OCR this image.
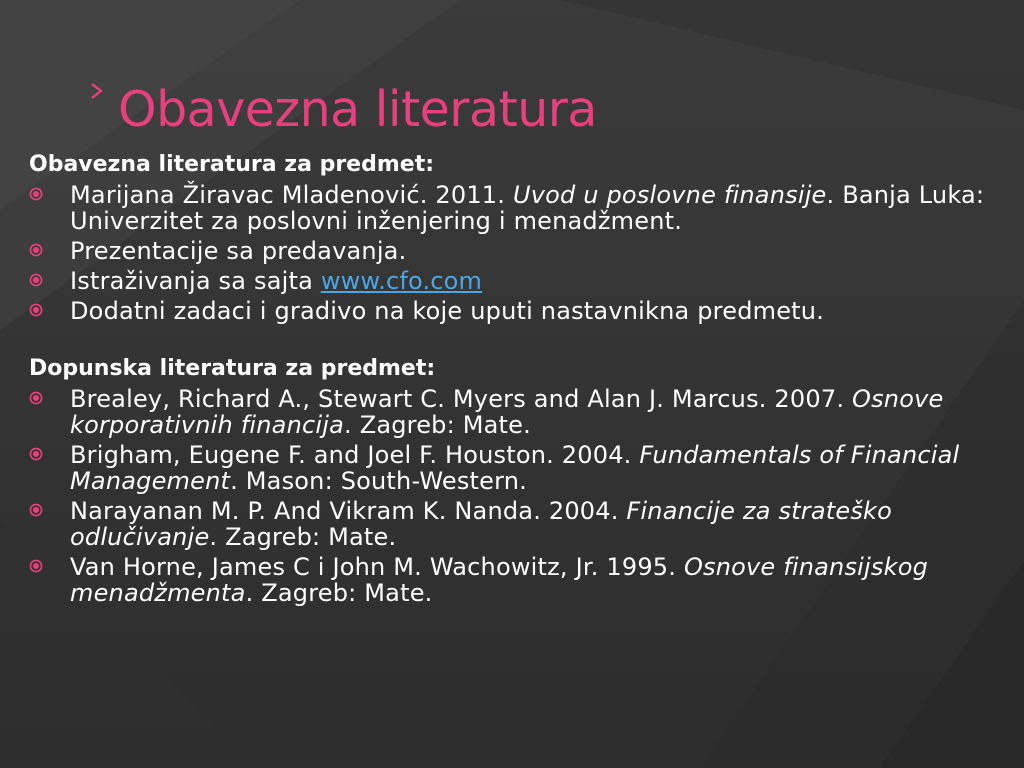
Obavezna literatura

Obavezna literatura za predmet:

Marijana Žiravac Mladenović. 2011. Uvod u poslovne finansije. Banja Luka: Univerzitet za poslovni inženjering i menadžment.
Prezentacije sa predavanja.
Istraživanja sa sajta www.cfo.com
Dodatni zadaci i gradivo na koje uputi nastavnikna predmetu.

Dopunska literatura za predmet:

Brealey, Richard A., Stewart C. Myers and Alan J. Marcus. 2007. Osnove korporativnih financija. Zagreb: Mate.
Brigham, Eugene F. and Joel F. Houston. 2004. Fundamentals of Financial Management. Mason: South-Western.
Narayanan M. P. And Vikram K. Nanda. 2004. Financije za strateško odlučivanje. Zagreb: Mate.
Van Horne, James C i John M. Wachowitz, Jr. 1995. Osnove finansijskog menadžmenta. Zagreb: Mate.
